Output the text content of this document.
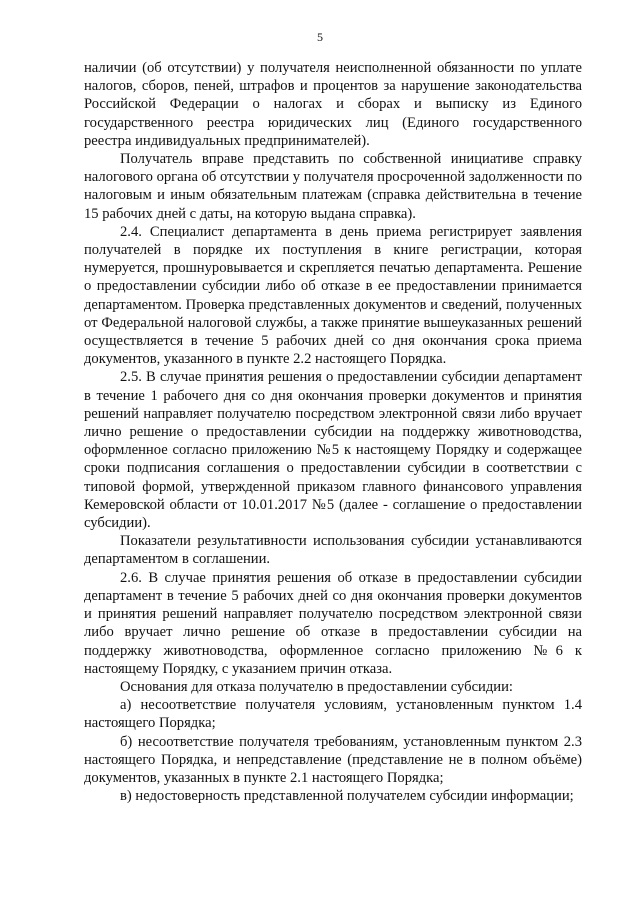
5

наличии (об отсутствии) у получателя неисполненной обязанности по уплате налогов, сборов, пеней, штрафов и процентов за нарушение законодательства Российской Федерации о налогах и сборах и выписку из Единого государственного реестра юридических лиц (Единого государственного реестра индивидуальных предпринимателей).

Получатель вправе представить по собственной инициативе справку налогового органа об отсутствии у получателя просроченной задолженности по налоговым и иным обязательным платежам (справка действительна в течение 15 рабочих дней с даты, на которую выдана справка).

2.4. Специалист департамента в день приема регистрирует заявления получателей в порядке их поступления в книге регистрации, которая нумеруется, прошнуровывается и скрепляется печатью департамента. Решение о предоставлении субсидии либо об отказе в ее предоставлении принимается департаментом. Проверка представленных документов и сведений, полученных от Федеральной налоговой службы, а также принятие вышеуказанных решений осуществляется в течение 5 рабочих дней со дня окончания срока приема документов, указанного в пункте 2.2 настоящего Порядка.

2.5. В случае принятия решения о предоставлении субсидии департамент в течение 1 рабочего дня со дня окончания проверки документов и принятия решений направляет получателю посредством электронной связи либо вручает лично решение о предоставлении субсидии на поддержку животноводства, оформленное согласно приложению №5 к настоящему Порядку и содержащее сроки подписания соглашения о предоставлении субсидии в соответствии с типовой формой, утвержденной приказом главного финансового управления Кемеровской области от 10.01.2017 №5 (далее - соглашение о предоставлении субсидии).

Показатели результативности использования субсидии устанавливаются департаментом в соглашении.

2.6. В случае принятия решения об отказе в предоставлении субсидии департамент в течение 5 рабочих дней со дня окончания проверки документов и принятия решений направляет получателю посредством электронной связи либо вручает лично решение об отказе в предоставлении субсидии на поддержку животноводства, оформленное согласно приложению №6 к настоящему Порядку, с указанием причин отказа.

Основания для отказа получателю в предоставлении субсидии:

а) несоответствие получателя условиям, установленным пунктом 1.4 настоящего Порядка;

б) несоответствие получателя требованиям, установленным пунктом 2.3 настоящего Порядка, и непредставление (представление не в полном объёме) документов, указанных в пункте 2.1 настоящего Порядка;

в) недостоверность представленной получателем субсидии информации;
